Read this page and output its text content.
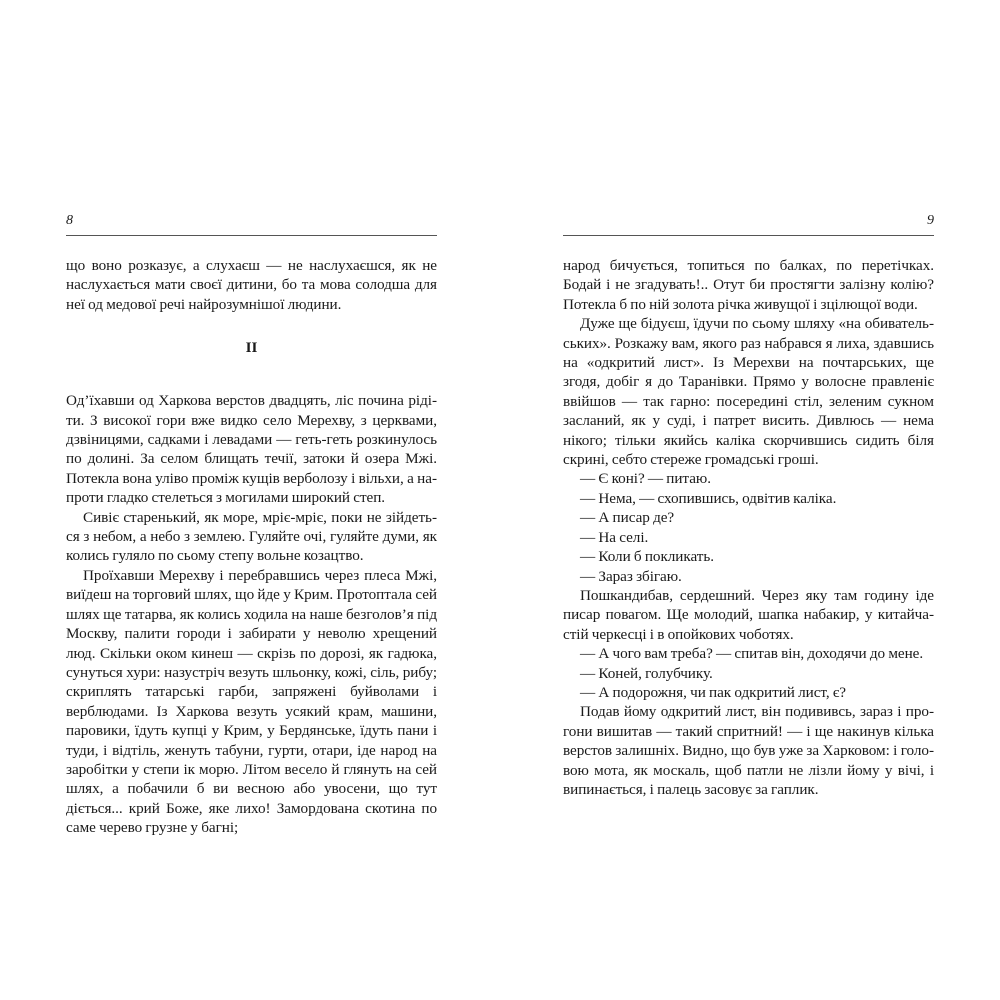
8

що воно розказує, а слухаєш — не наслухаєшся, як не наслухається мати своєї дитини, бо та мова солодша для неї од медової речі найрозумнішої людини.

II

Од’їхавши од Харкова верстов двадцять, ліс почина рідіти. З високої гори вже видко село Мерехву, з церквами, дзвіницями, садками і левадами — геть-геть розкинулось по долині. За селом блищать течії, затоки й озера Мжі. Потекла вона уліво проміж кущів верболозу і вільхи, а напроти гладко стелеться з могилами широкий степ.

Сивіє старенький, як море, мріє-мріє, поки не зійдеться з небом, а небо з землею. Гуляйте очі, гуляйте думи, як колись гуляло по сьому степу вольне козацтво.

Проїхавши Мерехву і перебравшись через плеса Мжі, виїдеш на торговий шлях, що йде у Крим. Протоптала сей шлях ще татарва, як колись ходила на наше безголов’я під Москву, палити городи і забирати у неволю хрещений люд. Скільки оком кинеш — скрізь по дорозі, як гадюка, сунуться хури: назустріч везуть шльонку, кожі, сіль, рибу; скриплять татарські гарби, запряжені буйволами і верблюдами. Із Харкова везуть усякий крам, машини, паровики, їдуть купці у Крим, у Бердянське, їдуть пани і туди, і відтіль, женуть табуни, гурти, отари, іде народ на заробітки у степи ік морю. Літом весело й глянуть на сей шлях, а побачили б ви весною або увосени, що тут діється... крий Боже, яке лихо! Замордована скотина по саме черево грузне у багні;

9

народ бичується, топиться по балках, по перетічках. Бодай і не згадувать!.. Отут би простягти залізну колію? Потекла б по ній золота річка живущої і зцілющої води.

Дуже ще бідуєш, їдучи по сьому шляху «на обивательських». Розкажу вам, якого раз набрався я лиха, здавшись на «одкритий лист». Із Мерехви на почтарських, ще згодя, добіг я до Таранівки. Прямо у волосне правленіє ввійшов — так гарно: посередині стіл, зеленим сукном засланий, як у суді, і патрет висить. Дивлюсь — нема нікого; тільки якийсь каліка скорчившись сидить біля скрині, себто стереже громадські гроші.

— Є коні? — питаю.

— Нема, — схопившись, одвітив каліка.

— А писар де?

— На селі.

— Коли б покликать.

— Зараз збігаю.

Пошкандибав, сердешний. Через яку там годину іде писар повагом. Ще молодий, шапка набакир, у китайчастій черкесці і в опойкових чоботях.

— А чого вам треба? — спитав він, доходячи до мене.

— Коней, голубчику.

— А подорожня, чи пак одкритий лист, є?

Подав йому одкритий лист, він подививсь, зараз і прогони вишитав — такий спритний! — і ще накинув кілька верстов залишніх. Видно, що був уже за Харковом: і головою мота, як москаль, щоб патли не лізли йому у вічі, і випинається, і палець засовує за гаплик.
